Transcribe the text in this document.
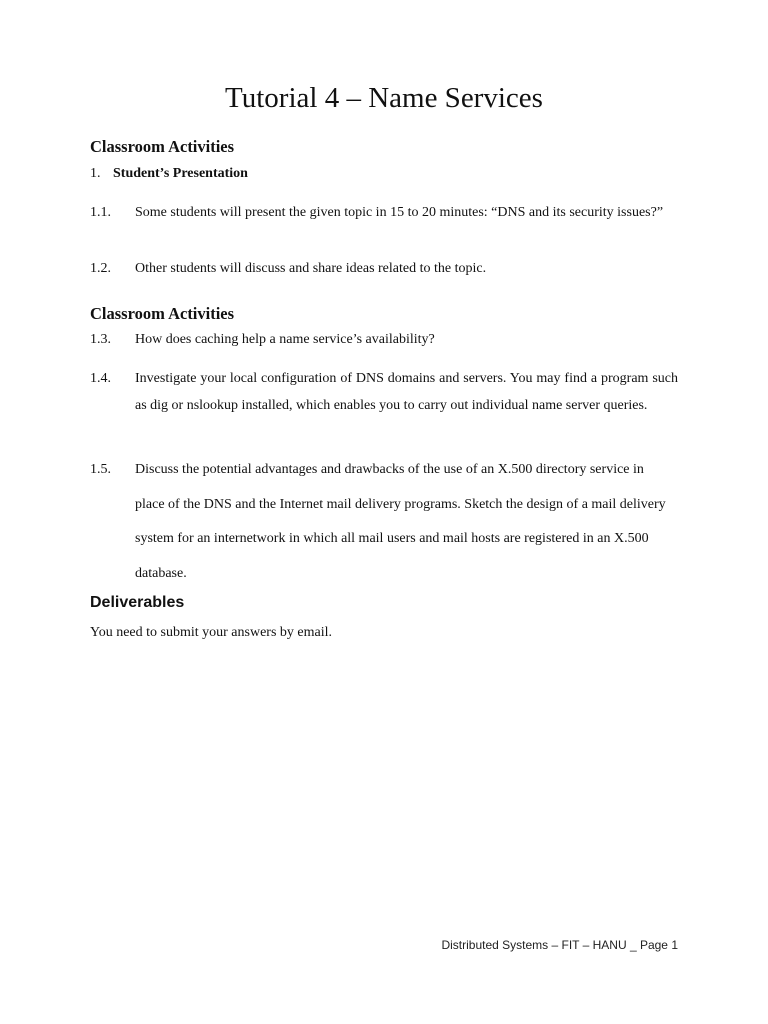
Tutorial 4 – Name Services
Classroom Activities
1. Student’s Presentation
1.1. Some students will present the given topic in 15 to 20 minutes: “DNS and its security issues?”
1.2. Other students will discuss and share ideas related to the topic.
Classroom Activities
1.3. How does caching help a name service’s availability?
1.4. Investigate your local configuration of DNS domains and servers. You may find a program such as dig or nslookup installed, which enables you to carry out individual name server queries.
1.5. Discuss the potential advantages and drawbacks of the use of an X.500 directory service in place of the DNS and the Internet mail delivery programs. Sketch the design of a mail delivery system for an internetwork in which all mail users and mail hosts are registered in an X.500 database.
Deliverables

You need to submit your answers by email.

Distributed Systems – FIT – HANU _ Page 1
